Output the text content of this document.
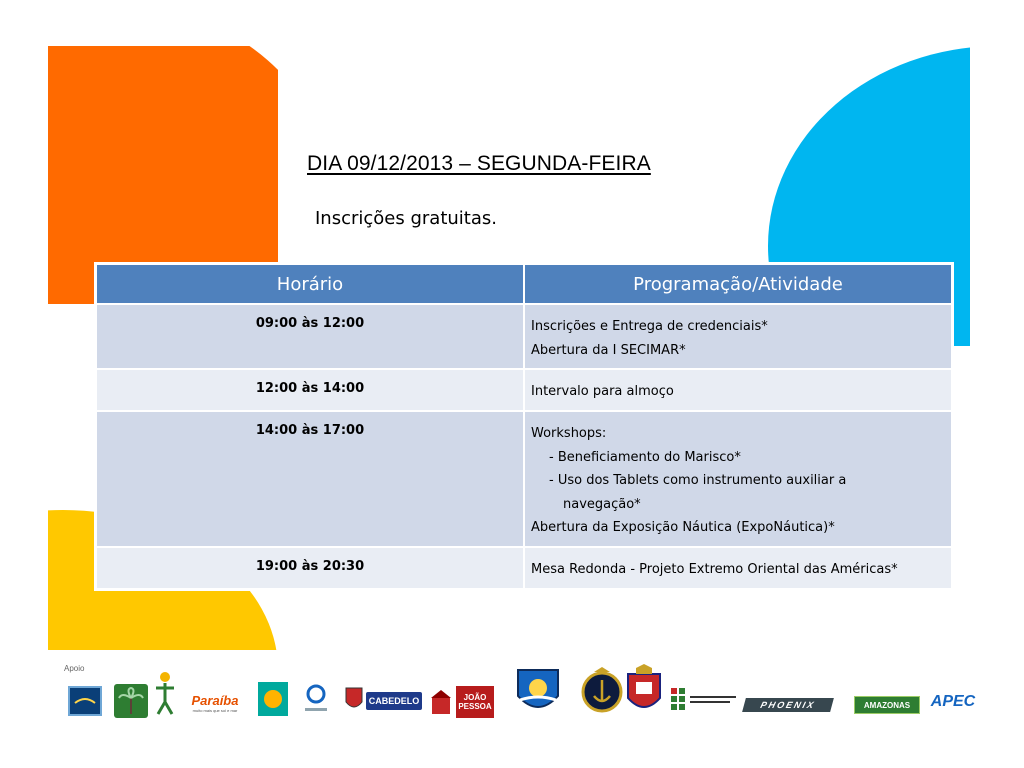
DIA 09/12/2013 – SEGUNDA-FEIRA
Inscrições gratuitas.
Horário	Programação/Atividade
09:00 às 12:00	Inscrições e Entrega de credenciais*
Abertura da I SECIMAR*

12:00 às 14:00	Intervalo para almoço

14:00 às 17:00	Workshops:
- Beneficiamento do Marisco*
- Uso dos Tablets como instrumento auxiliar a
navegação*
Abertura da Exposição Náutica (ExpoNáutica)*

19:00 às 20:30	Mesa Redonda - Projeto Extremo Oriental das Américas*
Apoio
Paraíba
muito mais que sol e mar
CABEDELO	JOÃO PESSOA	PHOENIX	AMAZONAS APEC
